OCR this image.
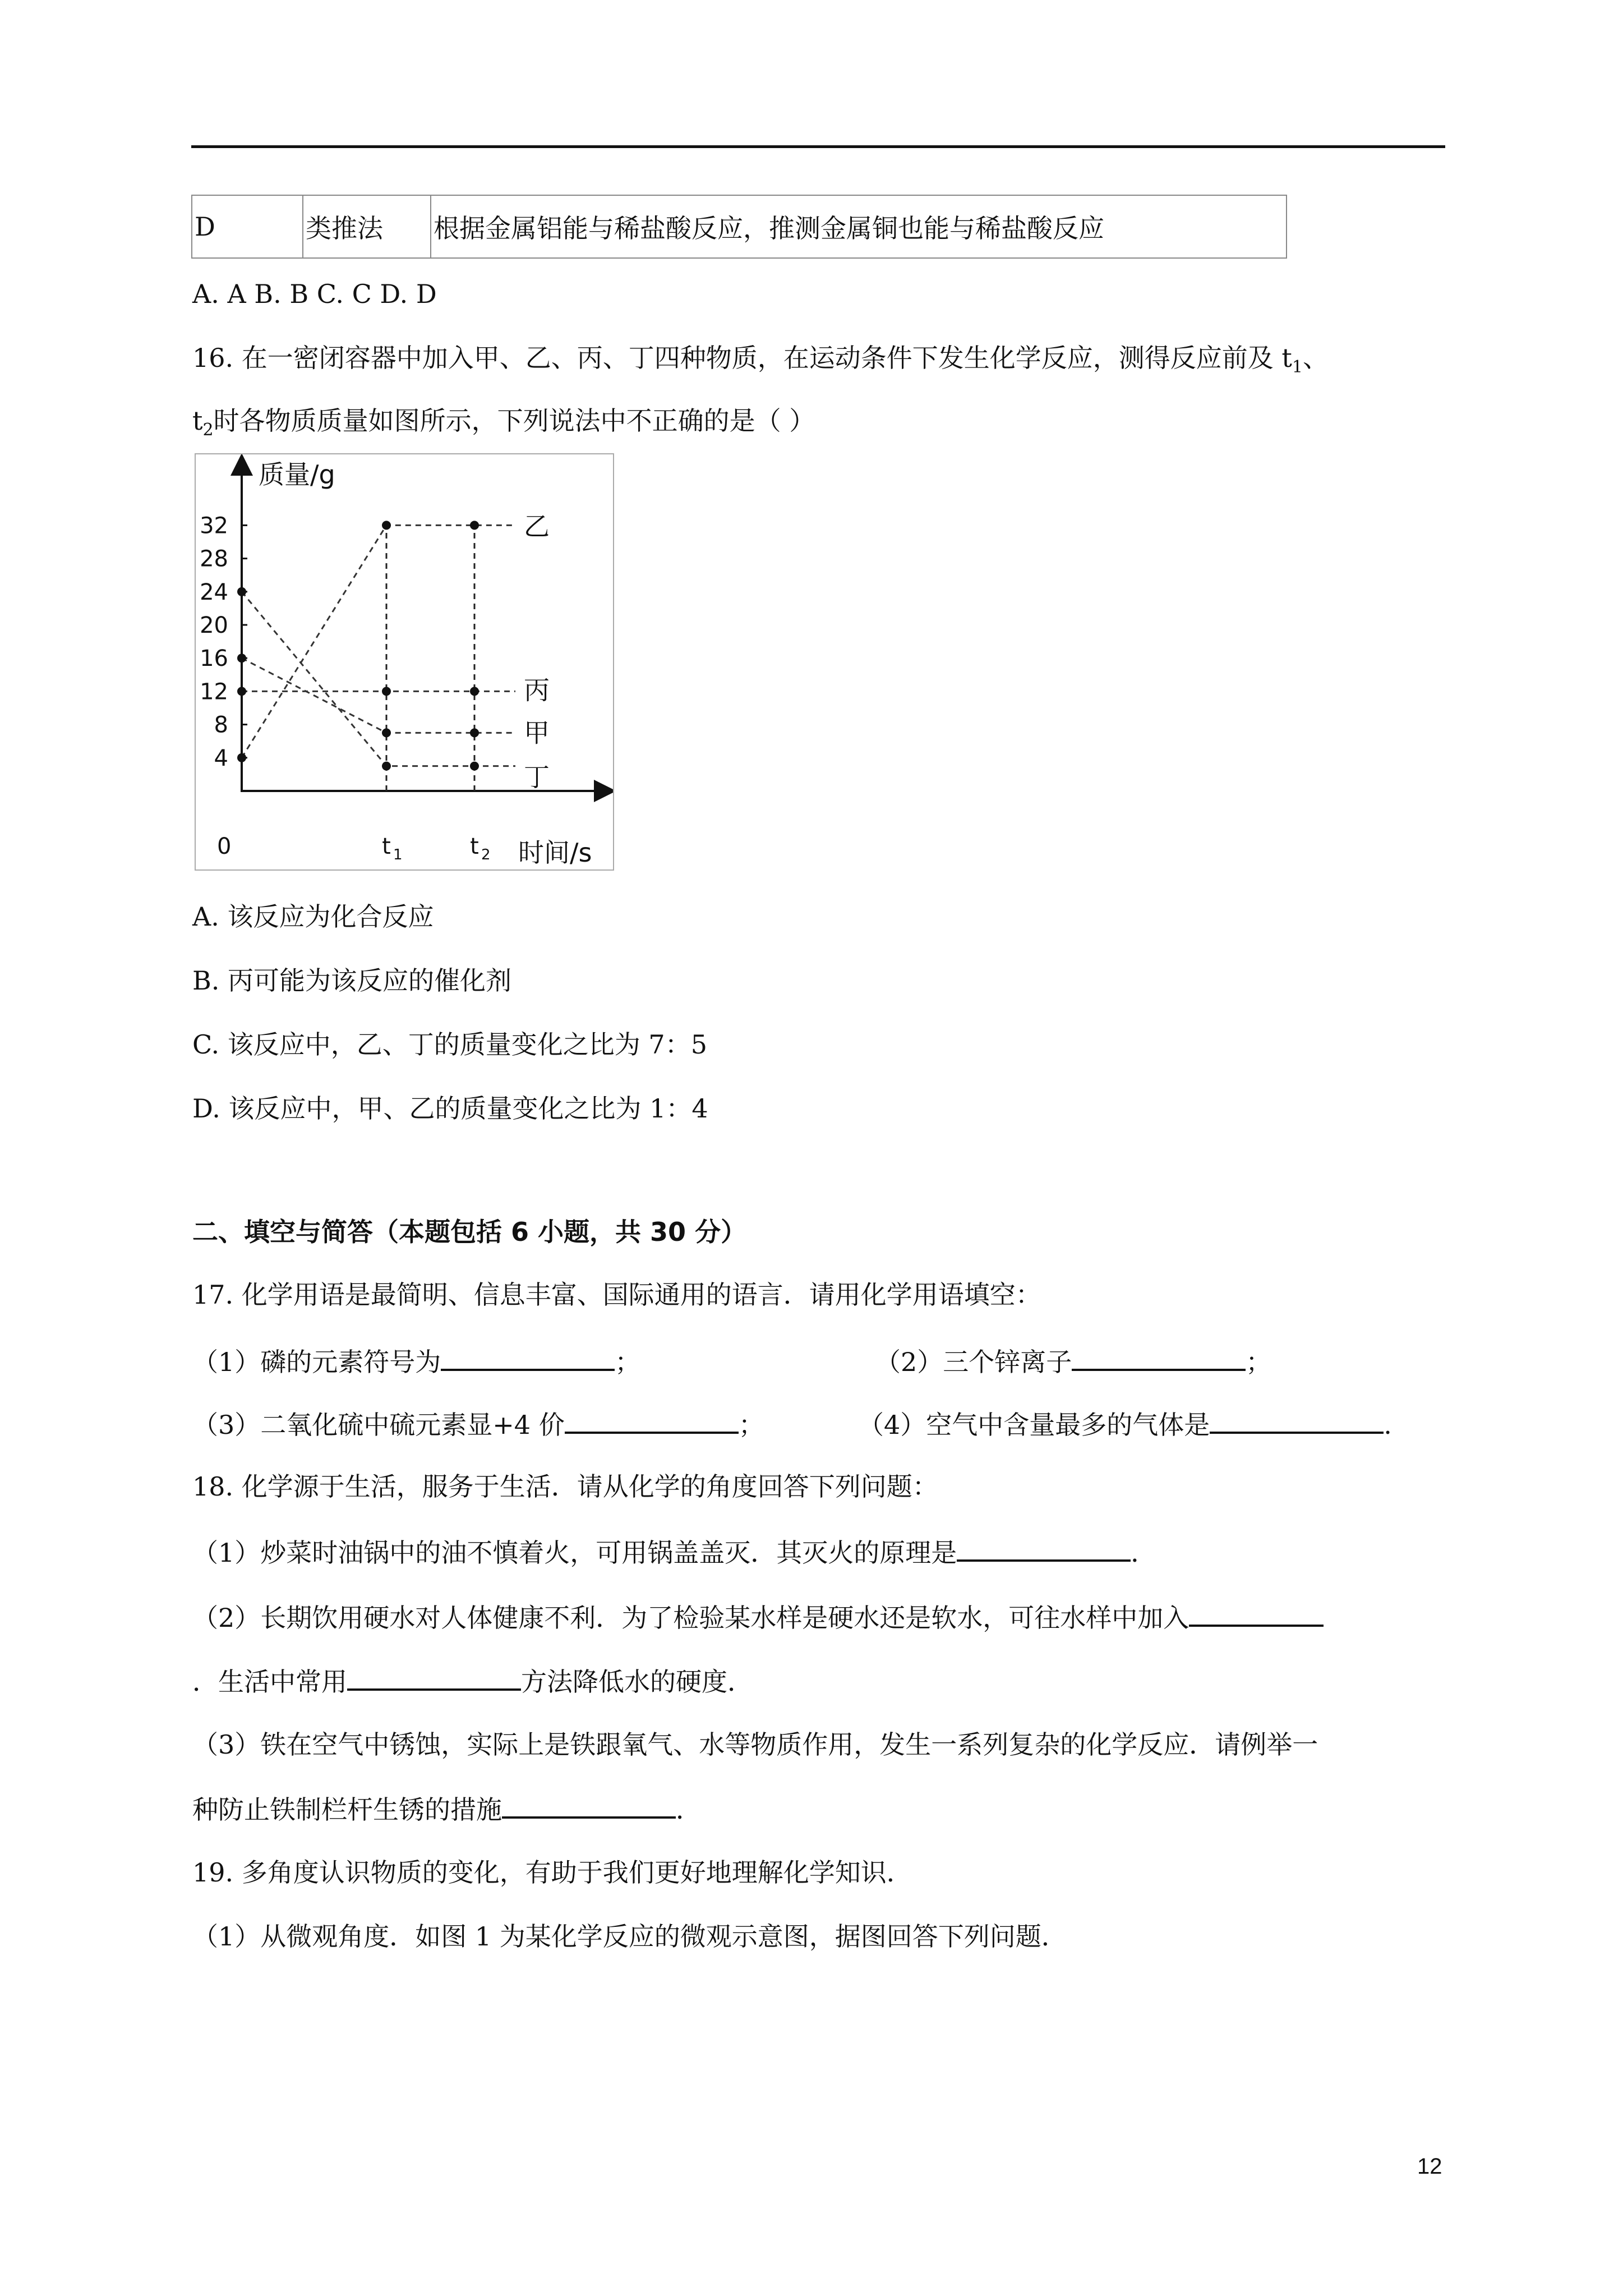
D	类推法	根据金属铝能与稀盐酸反应，推测金属铜也能与稀盐酸反应
A. A B. B C. C D. D
16. 在一密闭容器中加入甲、乙、丙、丁四种物质，在运动条件下发生化学反应，测得反应前及 $t_1$、
$t_2$时各物质质量如图所示，下列说法中不正确的是（ ）
质量/g
时间/s
0
4
8
12
16
20
24
28
32
t 1	t 2
乙
丙
甲
丁
A. 该反应为化合反应
B. 丙可能为该反应的催化剂
C. 该反应中，乙、丁的质量变化之比为 7：5
D. 该反应中，甲、乙的质量变化之比为 1：4
二、填空与简答（本题包括 6 小题，共 30 分）
17. 化学用语是最简明、信息丰富、国际通用的语言．请用化学用语填空：
（1）磷的元素符号为	；	（2）三个锌离子	；
（3）二氧化硫中硫元素显+4 价	；	（4）空气中含量最多的气体是	.
18. 化学源于生活，服务于生活．请从化学的角度回答下列问题：
（1）炒菜时油锅中的油不慎着火，可用锅盖盖灭．其灭火的原理是	．
（2）长期饮用硬水对人体健康不利．为了检验某水样是硬水还是软水，可往水样中加入
．生活中常用	方法降低水的硬度．
（3）铁在空气中锈蚀，实际上是铁跟氧气、水等物质作用，发生一系列复杂的化学反应．请例举一
种防止铁制栏杆生锈的措施	．
19. 多角度认识物质的变化，有助于我们更好地理解化学知识．
（1）从微观角度．如图 1 为某化学反应的微观示意图，据图回答下列问题．
12
